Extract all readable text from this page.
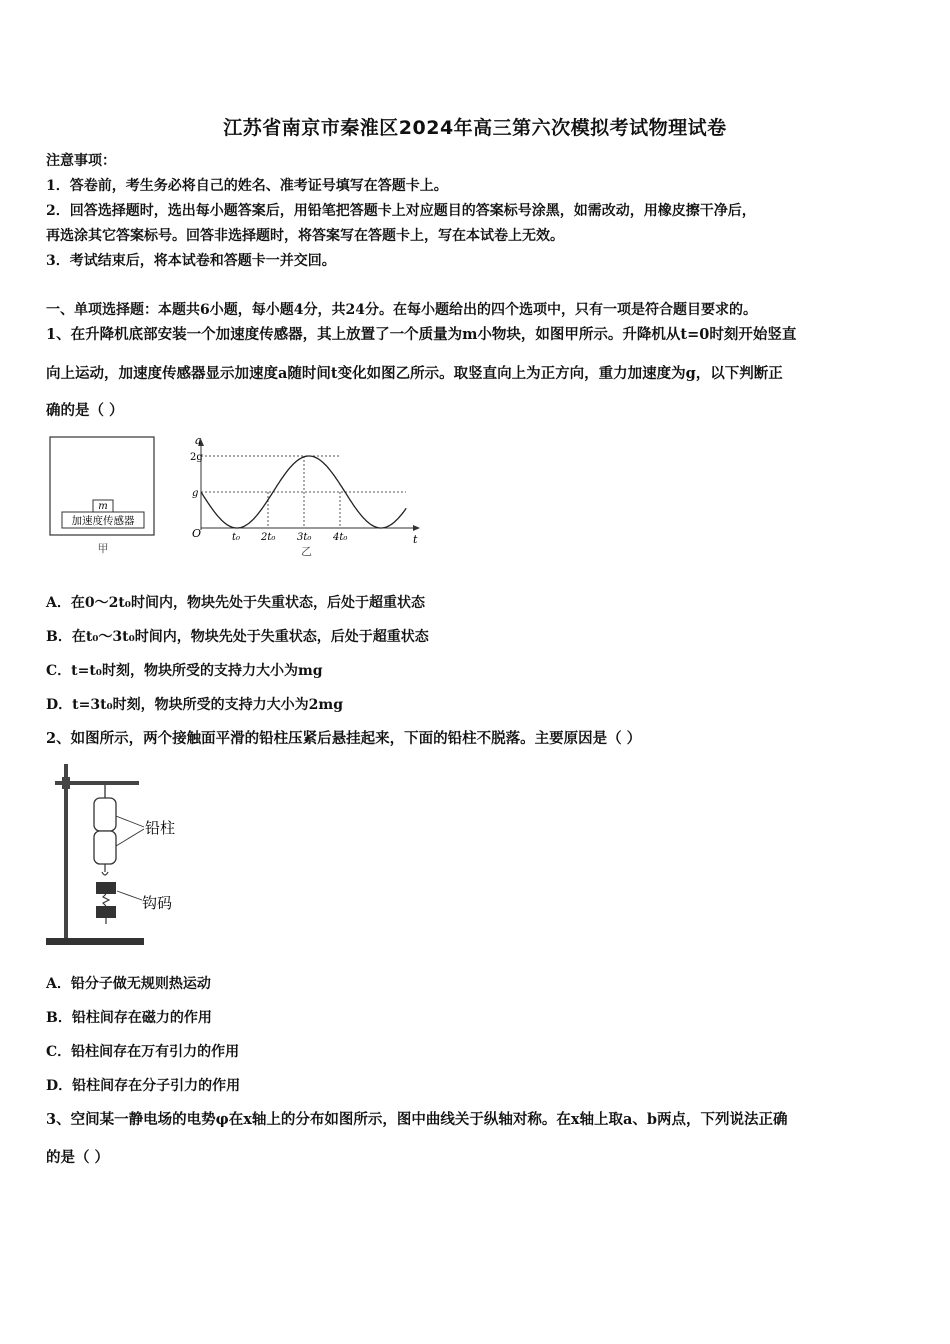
江苏省南京市秦淮区2024年高三第六次模拟考试物理试卷
注意事项：
1．答卷前，考生务必将自己的姓名、准考证号填写在答题卡上。
2．回答选择题时，选出每小题答案后，用铅笔把答题卡上对应题目的答案标号涂黑，如需改动，用橡皮擦干净后，
再选涂其它答案标号。回答非选择题时，将答案写在答题卡上，写在本试卷上无效。
3．考试结束后，将本试卷和答题卡一并交回。
一、单项选择题：本题共6小题，每小题4分，共24分。在每小题给出的四个选项中，只有一项是符合题目要求的。
1、在升降机底部安装一个加速度传感器，其上放置了一个质量为m小物块，如图甲所示。升降机从t=0时刻开始竖直
向上运动，加速度传感器显示加速度a随时间t变化如图乙所示。取竖直向上为正方向，重力加速度为g，以下判断正
确的是（ ）
m
加速度传感器
甲
a
t
O
2g
g
t₀ 2t₀ 3t₀ 4t₀
乙
A．在0～2t₀时间内，物块先处于失重状态，后处于超重状态
B．在t₀～3t₀时间内，物块先处于失重状态，后处于超重状态
C．t=t₀时刻，物块所受的支持力大小为mg
D．t=3t₀时刻，物块所受的支持力大小为2mg
2、如图所示，两个接触面平滑的铅柱压紧后悬挂起来，下面的铅柱不脱落。主要原因是（ ）
铅柱
钩码
A．铅分子做无规则热运动
B．铅柱间存在磁力的作用
C．铅柱间存在万有引力的作用
D．铅柱间存在分子引力的作用
3、空间某一静电场的电势φ在x轴上的分布如图所示，图中曲线关于纵轴对称。在x轴上取a、b两点，下列说法正确
的是（ ）
